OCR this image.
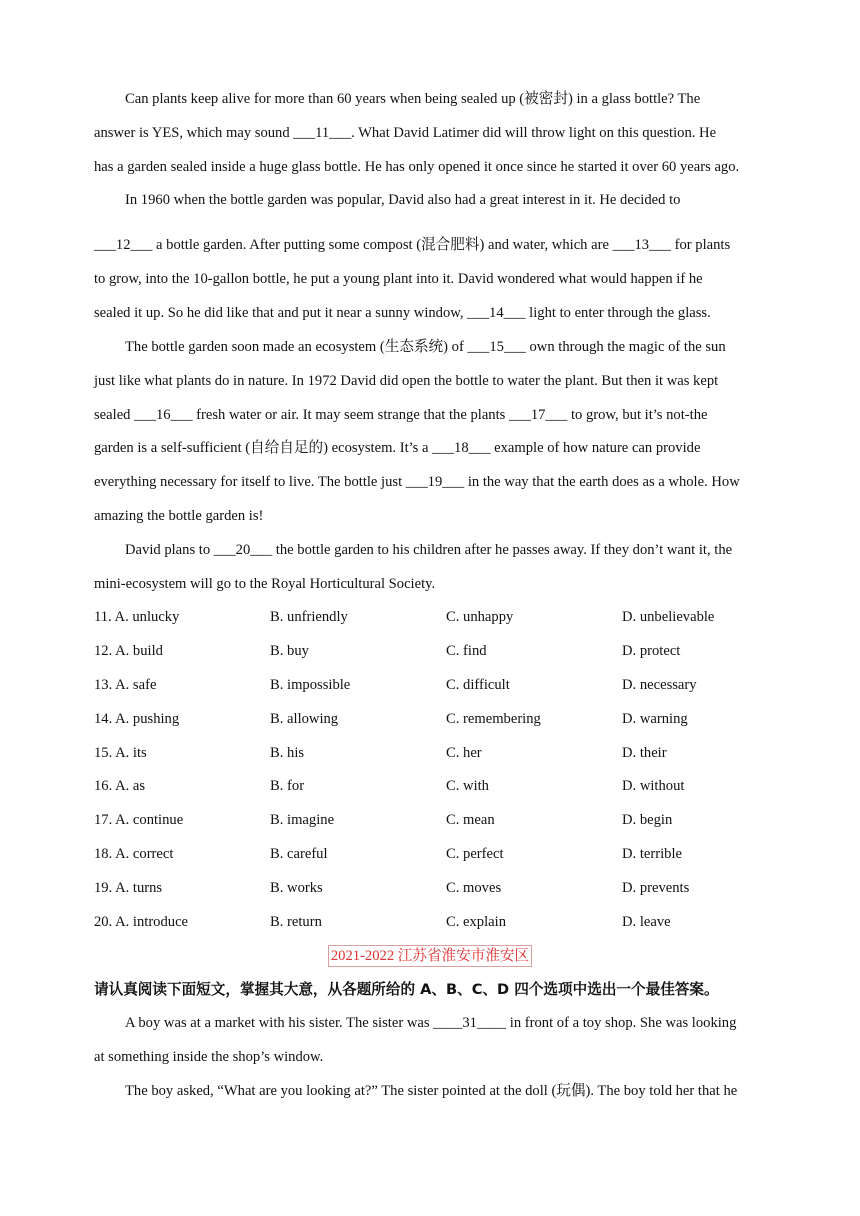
Can plants keep alive for more than 60 years when being sealed up (被密封) in a glass bottle? The
answer is YES, which may sound ___11___. What David Latimer did will throw light on this question. He
has a garden sealed inside a huge glass bottle. He has only opened it once since he started it over 60 years ago.
In 1960 when the bottle garden was popular, David also had a great interest in it. He decided to
___12___ a bottle garden. After putting some compost (混合肥料) and water, which are ___13___ for plants
to grow, into the 10-gallon bottle, he put a young plant into it. David wondered what would happen if he
sealed it up. So he did like that and put it near a sunny window, ___14___ light to enter through the glass.
The bottle garden soon made an ecosystem (生态系统) of ___15___ own through the magic of the sun
just like what plants do in nature. In 1972 David did open the bottle to water the plant. But then it was kept
sealed ___16___ fresh water or air. It may seem strange that the plants ___17___ to grow, but it’s not-the
garden is a self-sufficient (自给自足的) ecosystem. It’s a ___18___ example of how nature can provide
everything necessary for itself to live. The bottle just ___19___ in the way that the earth does as a whole. How
amazing the bottle garden is!
David plans to ___20___ the bottle garden to his children after he passes away. If they don’t want it, the
mini-ecosystem will go to the Royal Horticultural Society.
11. A. unlucky	B. unfriendly	C. unhappy	D. unbelievable
12. A. build	B. buy	C. find	D. protect
13. A. safe	B. impossible	C. difficult	D. necessary
14. A. pushing	B. allowing	C. remembering	D. warning
15. A. its	B. his	C. her	D. their
16. A. as	B. for	C. with	D. without
17. A. continue	B. imagine	C. mean	D. begin
18. A. correct	B. careful	C. perfect	D. terrible
19. A. turns	B. works	C. moves	D. prevents
20. A. introduce	B. return	C. explain	D. leave
2021-2022 江苏省淮安市淮安区
请认真阅读下面短文，掌握其大意，从各题所给的 A、B、C、D 四个选项中选出一个最佳答案。
A boy was at a market with his sister. The sister was ____31____ in front of a toy shop. She was looking
at something inside the shop’s window.
The boy asked, “What are you looking at?” The sister pointed at the doll (玩偶). The boy told her that he
